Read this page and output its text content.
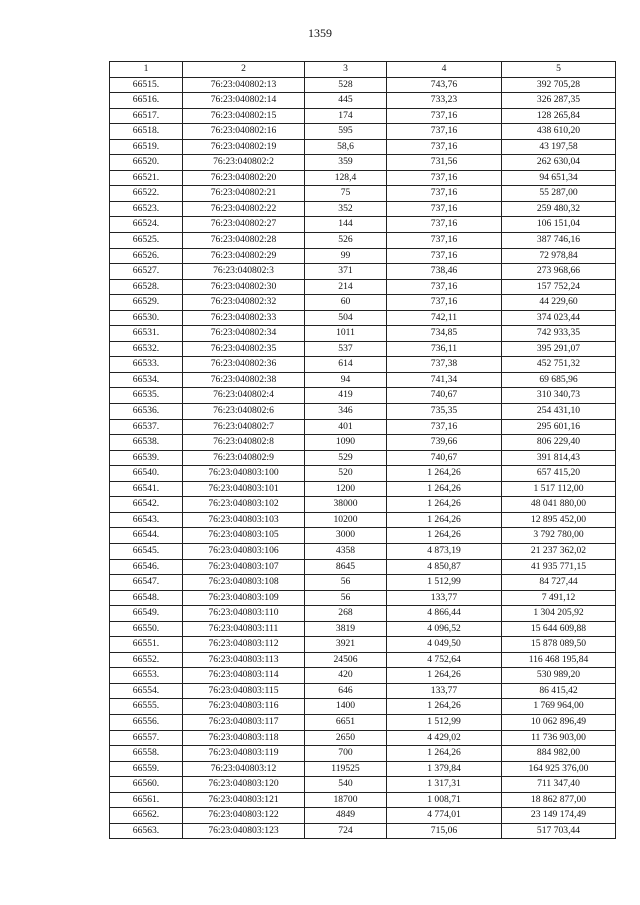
1359
1	2	3	4	5
66515.	76:23:040802:13	528	743,76	392 705,28
66516.	76:23:040802:14	445	733,23	326 287,35
66517.	76:23:040802:15	174	737,16	128 265,84
66518.	76:23:040802:16	595	737,16	438 610,20
66519.	76:23:040802:19	58,6	737,16	43 197,58
66520.	76:23:040802:2	359	731,56	262 630,04
66521.	76:23:040802:20	128,4	737,16	94 651,34
66522.	76:23:040802:21	75	737,16	55 287,00
66523.	76:23:040802:22	352	737,16	259 480,32
66524.	76:23:040802:27	144	737,16	106 151,04
66525.	76:23:040802:28	526	737,16	387 746,16
66526.	76:23:040802:29	99	737,16	72 978,84
66527.	76:23:040802:3	371	738,46	273 968,66
66528.	76:23:040802:30	214	737,16	157 752,24
66529.	76:23:040802:32	60	737,16	44 229,60
66530.	76:23:040802:33	504	742,11	374 023,44
66531.	76:23:040802:34	1011	734,85	742 933,35
66532.	76:23:040802:35	537	736,11	395 291,07
66533.	76:23:040802:36	614	737,38	452 751,32
66534.	76:23:040802:38	94	741,34	69 685,96
66535.	76:23:040802:4	419	740,67	310 340,73
66536.	76:23:040802:6	346	735,35	254 431,10
66537.	76:23:040802:7	401	737,16	295 601,16
66538.	76:23:040802:8	1090	739,66	806 229,40
66539.	76:23:040802:9	529	740,67	391 814,43
66540.	76:23:040803:100	520	1 264,26	657 415,20
66541.	76:23:040803:101	1200	1 264,26	1 517 112,00
66542.	76:23:040803:102	38000	1 264,26	48 041 880,00
66543.	76:23:040803:103	10200	1 264,26	12 895 452,00
66544.	76:23:040803:105	3000	1 264,26	3 792 780,00
66545.	76:23:040803:106	4358	4 873,19	21 237 362,02
66546.	76:23:040803:107	8645	4 850,87	41 935 771,15
66547.	76:23:040803:108	56	1 512,99	84 727,44
66548.	76:23:040803:109	56	133,77	7 491,12
66549.	76:23:040803:110	268	4 866,44	1 304 205,92
66550.	76:23:040803:111	3819	4 096,52	15 644 609,88
66551.	76:23:040803:112	3921	4 049,50	15 878 089,50
66552.	76:23:040803:113	24506	4 752,64	116 468 195,84
66553.	76:23:040803:114	420	1 264,26	530 989,20
66554.	76:23:040803:115	646	133,77	86 415,42
66555.	76:23:040803:116	1400	1 264,26	1 769 964,00
66556.	76:23:040803:117	6651	1 512,99	10 062 896,49
66557.	76:23:040803:118	2650	4 429,02	11 736 903,00
66558.	76:23:040803:119	700	1 264,26	884 982,00
66559.	76:23:040803:12	119525	1 379,84	164 925 376,00
66560.	76:23:040803:120	540	1 317,31	711 347,40
66561.	76:23:040803:121	18700	1 008,71	18 862 877,00
66562.	76:23:040803:122	4849	4 774,01	23 149 174,49
66563.	76:23:040803:123	724	715,06	517 703,44
